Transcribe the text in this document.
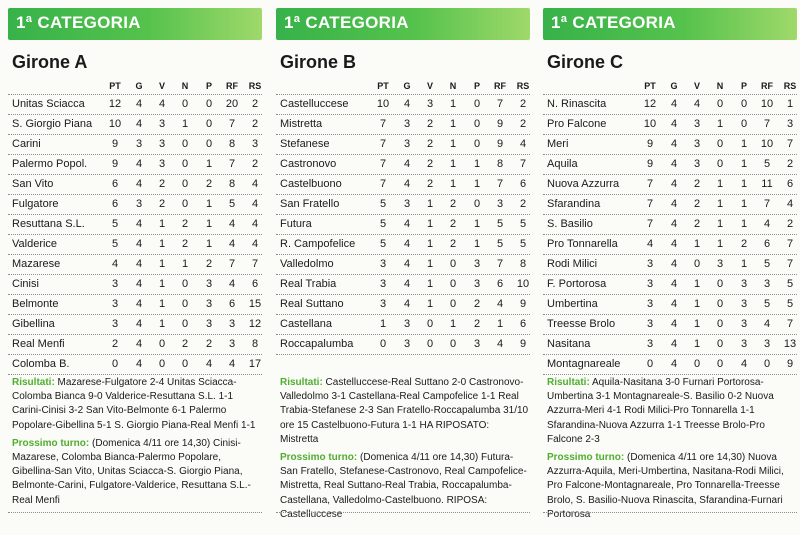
1ª CATEGORIA
Girone A
PT	G	V	N	P	RF	RS
Unitas Sciacca	12	4	4	0	0	20	2
S. Giorgio Piana	10	4	3	1	0	7	2
Carini	9	3	3	0	0	8	3
Palermo Popol.	9	4	3	0	1	7	2
San Vito	6	4	2	0	2	8	4
Fulgatore	6	3	2	0	1	5	4
Resuttana S.L.	5	4	1	2	1	4	4
Valderice	5	4	1	2	1	4	4
Mazarese	4	4	1	1	2	7	7
Cinisi	3	4	1	0	3	4	6
Belmonte	3	4	1	0	3	6	15
Gibellina	3	4	1	0	3	3	12
Real Menfi	2	4	0	2	2	3	8
Colomba B.	0	4	0	0	4	4	17

Risultati: Mazarese-Fulgatore 2-4 Unitas Sciacca-Colomba Bianca 9-0 Valderice-Resuttana S.L. 1-1 Carini-Cinisi 3-2 San Vito-Belmonte 6-1 Palermo Popolare-Gibellina 5-1 S. Giorgio Piana-Real Menfi 1-1

Prossimo turno: (Domenica 4/11 ore 14,30) Cinisi-Mazarese, Colomba Bianca-Palermo Popolare, Gibellina-San Vito, Unitas Sciacca-S. Giorgio Piana, Belmonte-Carini, Fulgatore-Valderice, Resuttana S.L.-Real Menfi

1ª CATEGORIA
Girone B
PT	G	V	N	P	RF	RS
Castelluccese	10	4	3	1	0	7	2
Mistretta	7	3	2	1	0	9	2
Stefanese	7	3	2	1	0	9	4
Castronovo	7	4	2	1	1	8	7
Castelbuono	7	4	2	1	1	7	6
San Fratello	5	3	1	2	0	3	2
Futura	5	4	1	2	1	5	5
R. Campofelice	5	4	1	2	1	5	5
Valledolmo	3	4	1	0	3	7	8
Real Trabia	3	4	1	0	3	6	10
Real Suttano	3	4	1	0	2	4	9
Castellana	1	3	0	1	2	1	6
Roccapalumba	0	3	0	0	3	4	9

Risultati: Castelluccese-Real Suttano 2-0 Castronovo-Valledolmo 3-1 Castellana-Real Campofelice 1-1 Real Trabia-Stefanese 2-3 San Fratello-Roccapalumba 31/10 ore 15 Castelbuono-Futura 1-1 HA RIPOSATO: Mistretta

Prossimo turno: (Domenica 4/11 ore 14,30) Futura-San Fratello, Stefanese-Castronovo, Real Campofelice-Mistretta, Real Suttano-Real Trabia, Roccapalumba-Castellana, Valledolmo-Castelbuono. RIPOSA: Castelluccese

1ª CATEGORIA
Girone C
PT	G	V	N	P	RF	RS
N. Rinascita	12	4	4	0	0	10	1
Pro Falcone	10	4	3	1	0	7	3
Meri	9	4	3	0	1	10	7
Aquila	9	4	3	0	1	5	2
Nuova Azzurra	7	4	2	1	1	11	6
Sfarandina	7	4	2	1	1	7	4
S. Basilio	7	4	2	1	1	4	2
Pro Tonnarella	4	4	1	1	2	6	7
Rodi Milici	3	4	0	3	1	5	7
F. Portorosa	3	4	1	0	3	3	5
Umbertina	3	4	1	0	3	5	5
Treesse Brolo	3	4	1	0	3	4	7
Nasitana	3	4	1	0	3	3	13
Montagnareale	0	4	0	0	4	0	9

Risultati: Aquila-Nasitana 3-0 Furnari Portorosa-Umbertina 3-1 Montagnareale-S. Basilio 0-2 Nuova Azzurra-Meri 4-1 Rodi Milici-Pro Tonnarella 1-1 Sfarandina-Nuova Azzurra 1-1 Treesse Brolo-Pro Falcone 2-3

Prossimo turno: (Domenica 4/11 ore 14,30) Nuova Azzurra-Aquila, Meri-Umbertina, Nasitana-Rodi Milici, Pro Falcone-Montagnareale, Pro Tonnarella-Treesse Brolo, S. Basilio-Nuova Rinascita, Sfarandina-Furnari Portorosa
